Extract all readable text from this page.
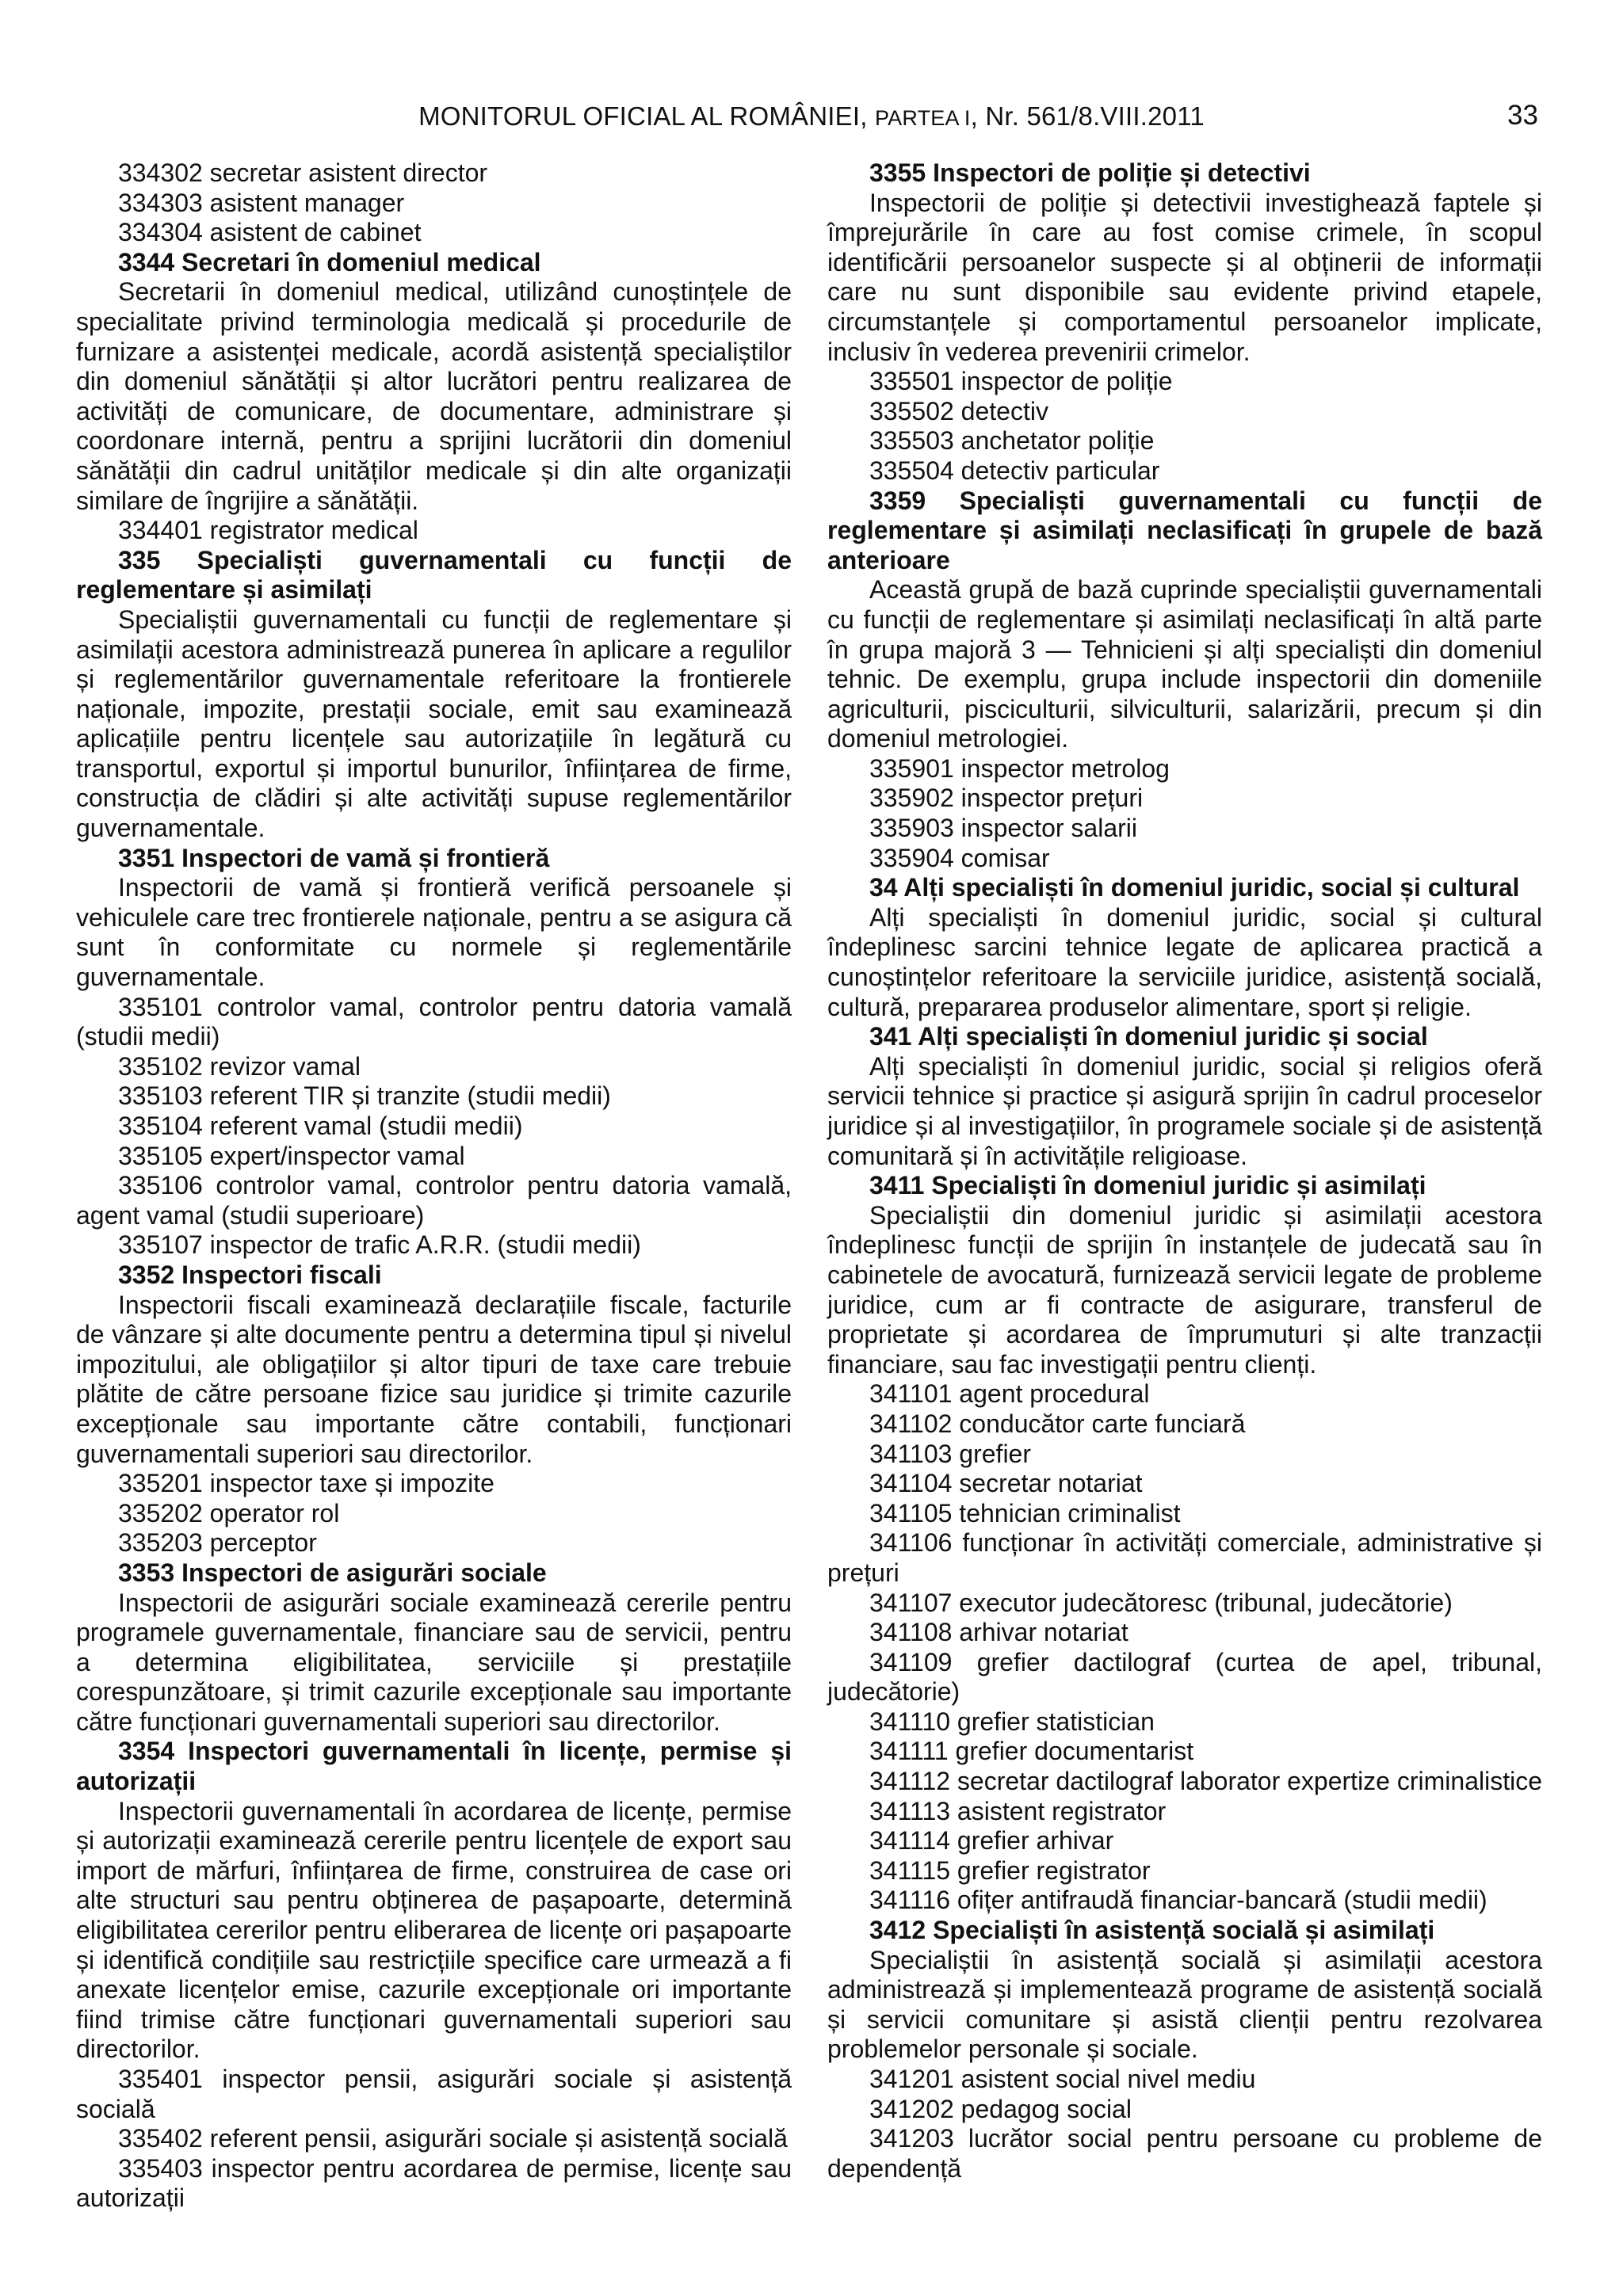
MONITORUL OFICIAL AL ROMÂNIEI, PARTEA I, Nr. 561/8.VIII.2011	33

334302 secretar asistent director

334303 asistent manager

334304 asistent de cabinet

3344 Secretari în domeniul medical

Secretarii în domeniul medical, utilizând cunoștințele de specialitate privind terminologia medicală și procedurile de furnizare a asistenței medicale, acordă asistență specialiștilor din domeniul sănătății și altor lucrători pentru realizarea de activități de comunicare, de documentare, administrare și coordonare internă, pentru a sprijini lucrătorii din domeniul sănătății din cadrul unităților medicale și din alte organizații similare de îngrijire a sănătății.

334401 registrator medical

335 Specialiști guvernamentali cu funcții de reglementare și asimilați

Specialiștii guvernamentali cu funcții de reglementare și asimilații acestora administrează punerea în aplicare a regulilor și reglementărilor guvernamentale referitoare la frontierele naționale, impozite, prestații sociale, emit sau examinează aplicațiile pentru licențele sau autorizațiile în legătură cu transportul, exportul și importul bunurilor, înființarea de firme, construcția de clădiri și alte activități supuse reglementărilor guvernamentale.

3351 Inspectori de vamă și frontieră

Inspectorii de vamă și frontieră verifică persoanele și vehiculele care trec frontierele naționale, pentru a se asigura că sunt în conformitate cu normele și reglementările guvernamentale.

335101 controlor vamal, controlor pentru datoria vamală (studii medii)

335102 revizor vamal

335103 referent TIR și tranzite (studii medii)

335104 referent vamal (studii medii)

335105 expert/inspector vamal

335106 controlor vamal, controlor pentru datoria vamală, agent vamal (studii superioare)

335107 inspector de trafic A.R.R. (studii medii)

3352 Inspectori fiscali

Inspectorii fiscali examinează declarațiile fiscale, facturile de vânzare și alte documente pentru a determina tipul și nivelul impozitului, ale obligațiilor și altor tipuri de taxe care trebuie plătite de către persoane fizice sau juridice și trimite cazurile excepționale sau importante către contabili, funcționari guvernamentali superiori sau directorilor.

335201 inspector taxe și impozite

335202 operator rol

335203 perceptor

3353 Inspectori de asigurări sociale

Inspectorii de asigurări sociale examinează cererile pentru programele guvernamentale, financiare sau de servicii, pentru a determina eligibilitatea, serviciile și prestațiile corespunzătoare, și trimit cazurile excepționale sau importante către funcționari guvernamentali superiori sau directorilor.

3354 Inspectori guvernamentali în licențe, permise și autorizații

Inspectorii guvernamentali în acordarea de licențe, permise și autorizații examinează cererile pentru licențele de export sau import de mărfuri, înființarea de firme, construirea de case ori alte structuri sau pentru obținerea de pașapoarte, determină eligibilitatea cererilor pentru eliberarea de licențe ori pașapoarte și identifică condițiile sau restricțiile specifice care urmează a fi anexate licențelor emise, cazurile excepționale ori importante fiind trimise către funcționari guvernamentali superiori sau directorilor.

335401 inspector pensii, asigurări sociale și asistență socială

335402 referent pensii, asigurări sociale și asistență socială

335403 inspector pentru acordarea de permise, licențe sau autorizații

3355 Inspectori de poliție și detectivi

Inspectorii de poliție și detectivii investighează faptele și împrejurările în care au fost comise crimele, în scopul identificării persoanelor suspecte și al obținerii de informații care nu sunt disponibile sau evidente privind etapele, circumstanțele și comportamentul persoanelor implicate, inclusiv în vederea prevenirii crimelor.

335501 inspector de poliție

335502 detectiv

335503 anchetator poliție

335504 detectiv particular

3359 Specialiști guvernamentali cu funcții de reglementare și asimilați neclasificați în grupele de bază anterioare

Această grupă de bază cuprinde specialiștii guvernamentali cu funcții de reglementare și asimilați neclasificați în altă parte în grupa majoră 3 — Tehnicieni și alți specialiști din domeniul tehnic. De exemplu, grupa include inspectorii din domeniile agriculturii, pisciculturii, silviculturii, salarizării, precum și din domeniul metrologiei.

335901 inspector metrolog

335902 inspector prețuri

335903 inspector salarii

335904 comisar

34 Alți specialiști în domeniul juridic, social și cultural

Alți specialiști în domeniul juridic, social și cultural îndeplinesc sarcini tehnice legate de aplicarea practică a cunoștințelor referitoare la serviciile juridice, asistență socială, cultură, prepararea produselor alimentare, sport și religie.

341 Alți specialiști în domeniul juridic și social

Alți specialiști în domeniul juridic, social și religios oferă servicii tehnice și practice și asigură sprijin în cadrul proceselor juridice și al investigațiilor, în programele sociale și de asistență comunitară și în activitățile religioase.

3411 Specialiști în domeniul juridic și asimilați

Specialiștii din domeniul juridic și asimilații acestora îndeplinesc funcții de sprijin în instanțele de judecată sau în cabinetele de avocatură, furnizează servicii legate de probleme juridice, cum ar fi contracte de asigurare, transferul de proprietate și acordarea de împrumuturi și alte tranzacții financiare, sau fac investigații pentru clienți.

341101 agent procedural

341102 conducător carte funciară

341103 grefier

341104 secretar notariat

341105 tehnician criminalist

341106 funcționar în activități comerciale, administrative și prețuri

341107 executor judecătoresc (tribunal, judecătorie)

341108 arhivar notariat

341109 grefier dactilograf (curtea de apel, tribunal, judecătorie)

341110 grefier statistician

341111 grefier documentarist

341112 secretar dactilograf laborator expertize criminalistice

341113 asistent registrator

341114 grefier arhivar

341115 grefier registrator

341116 ofițer antifraudă financiar-bancară (studii medii)

3412 Specialiști în asistență socială și asimilați

Specialiștii în asistență socială și asimilații acestora administrează și implementează programe de asistență socială și servicii comunitare și asistă clienții pentru rezolvarea problemelor personale și sociale.

341201 asistent social nivel mediu

341202 pedagog social

341203 lucrător social pentru persoane cu probleme de dependență
